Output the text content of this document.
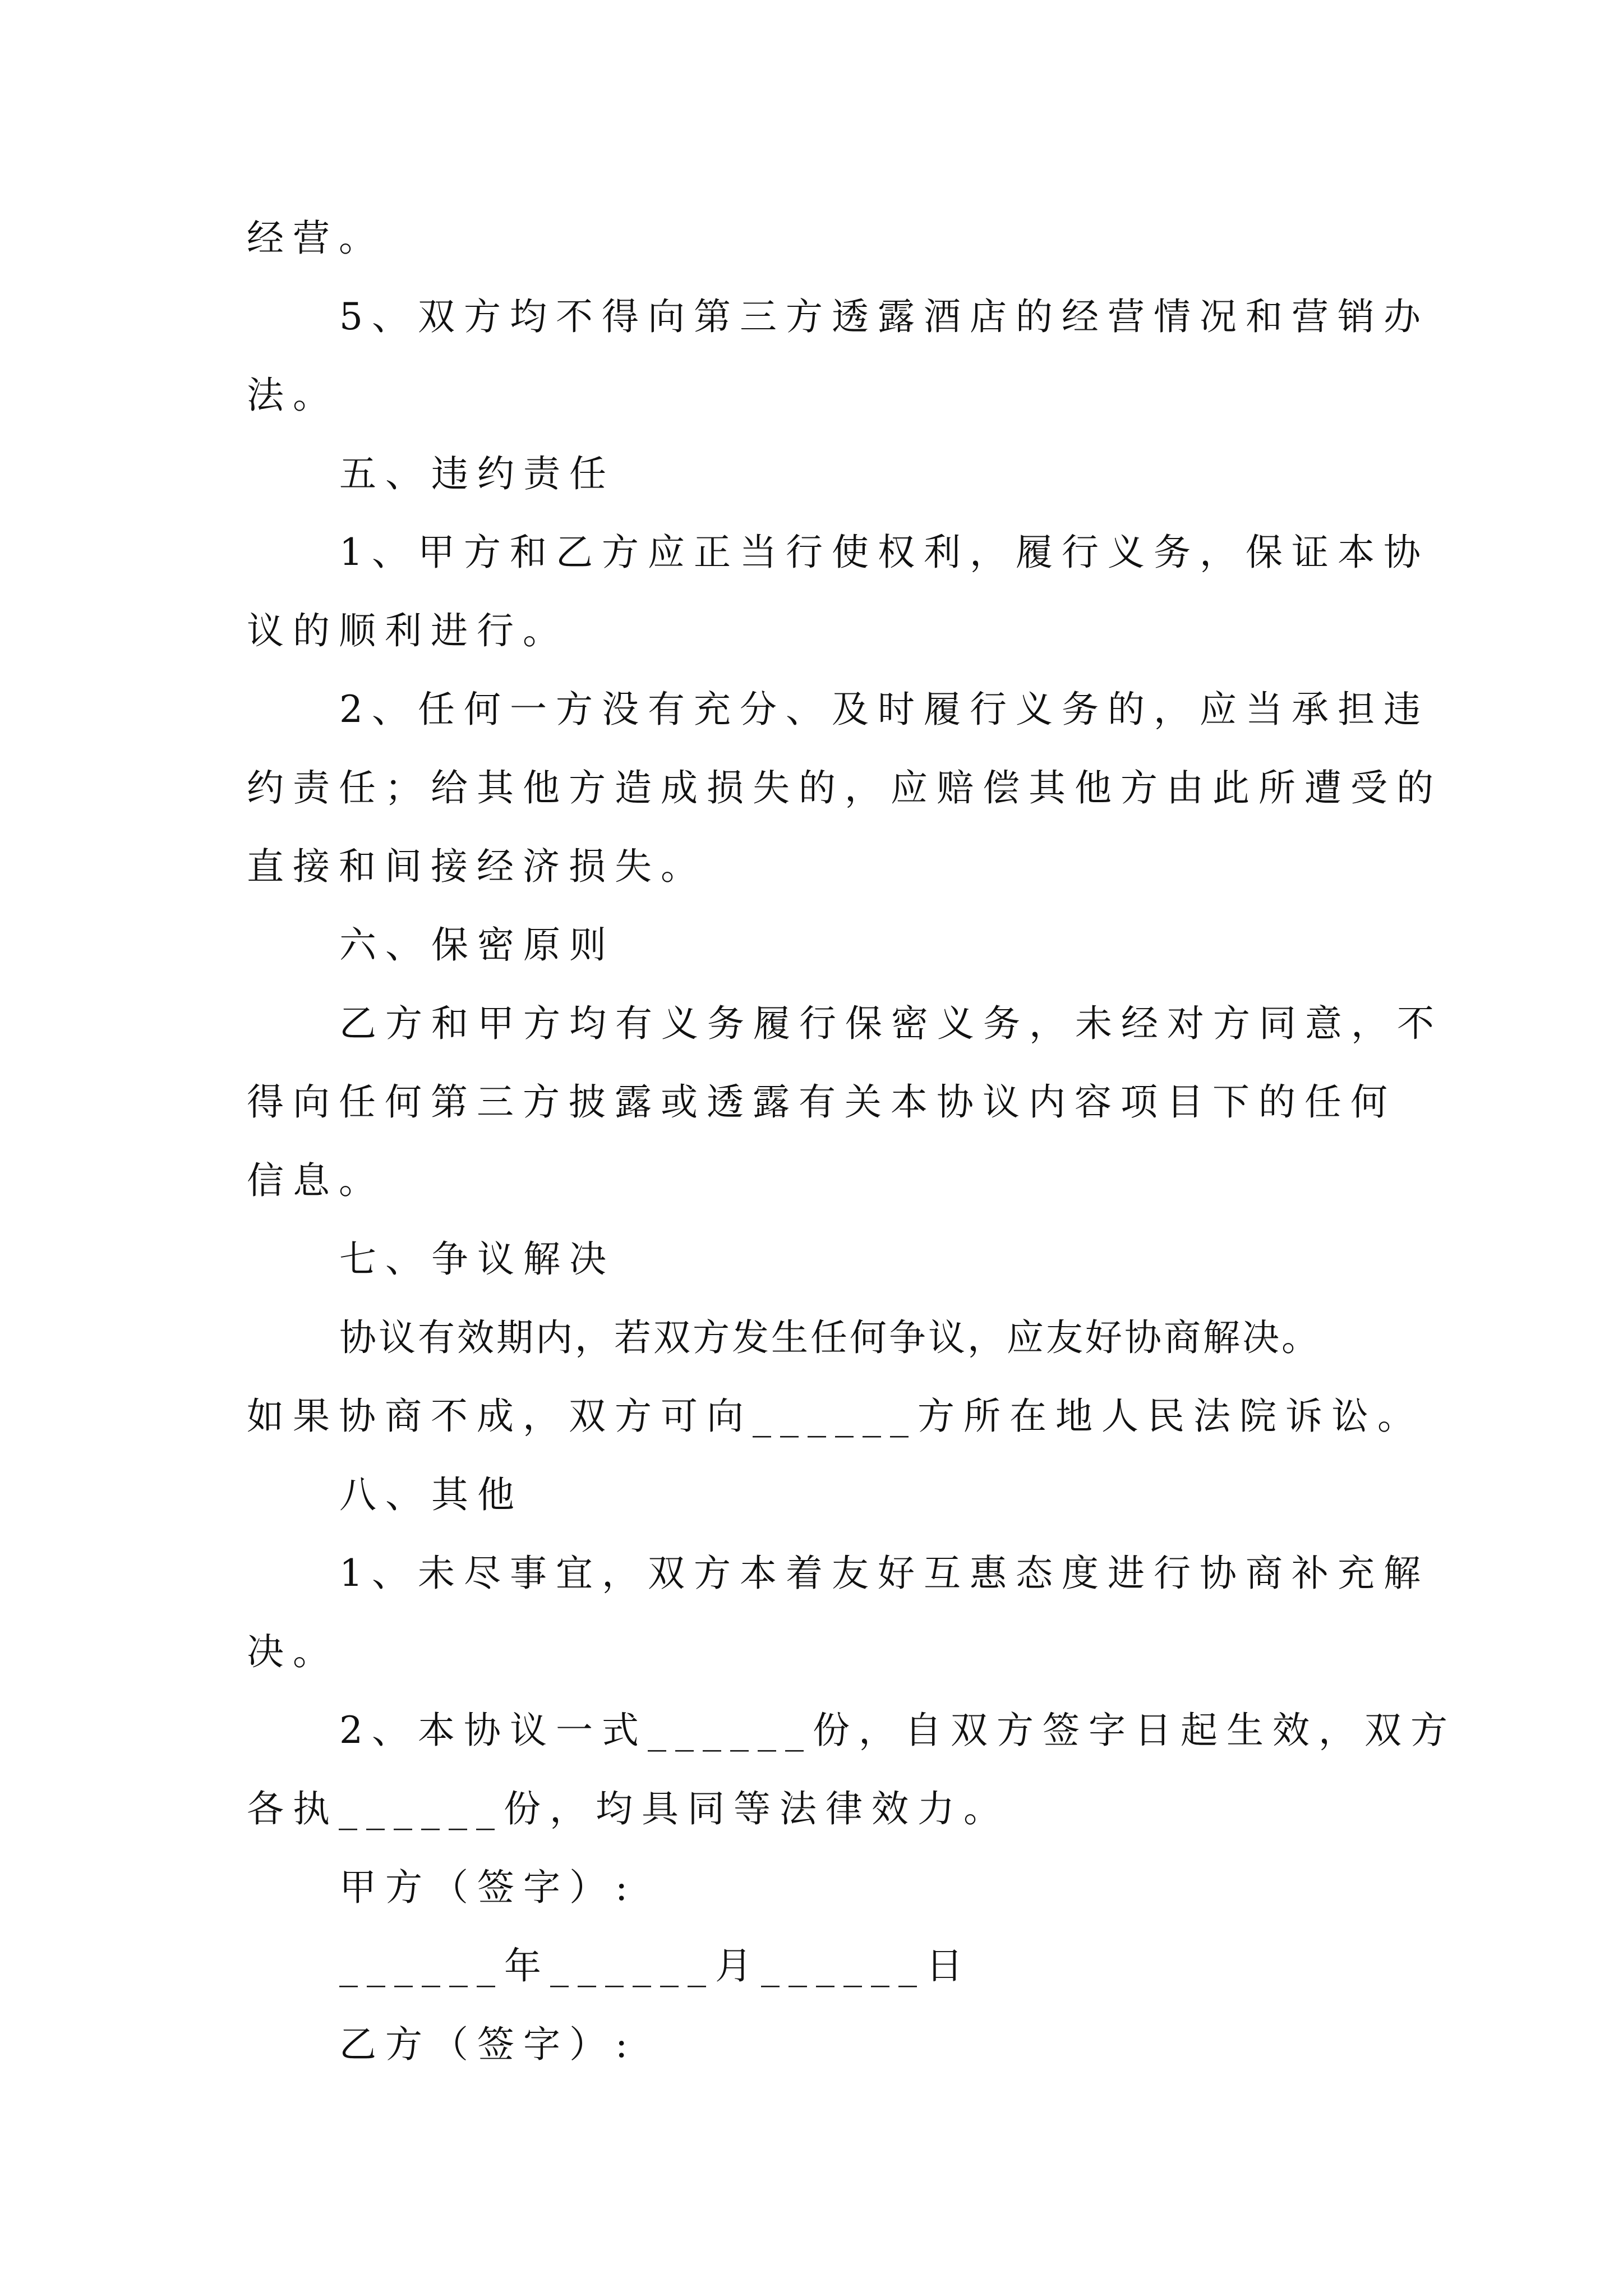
经营。
5、双方均不得向第三方透露酒店的经营情况和营销办
法。
五、违约责任
1、甲方和乙方应正当行使权利，履行义务，保证本协
议的顺利进行。
2、任何一方没有充分、及时履行义务的，应当承担违
约责任；给其他方造成损失的，应赔偿其他方由此所遭受的
直接和间接经济损失。
六、保密原则
乙方和甲方均有义务履行保密义务，未经对方同意，不
得向任何第三方披露或透露有关本协议内容项目下的任何
信息。
七、争议解决
协议有效期内，若双方发生任何争议，应友好协商解决。
如果协商不成，双方可向______方所在地人民法院诉讼。
八、其他
1、未尽事宜，双方本着友好互惠态度进行协商补充解
决。
2、本协议一式______份，自双方签字日起生效，双方
各执______份，均具同等法律效力。
甲方（签字）:
______年______月______日
乙方（签字）:
